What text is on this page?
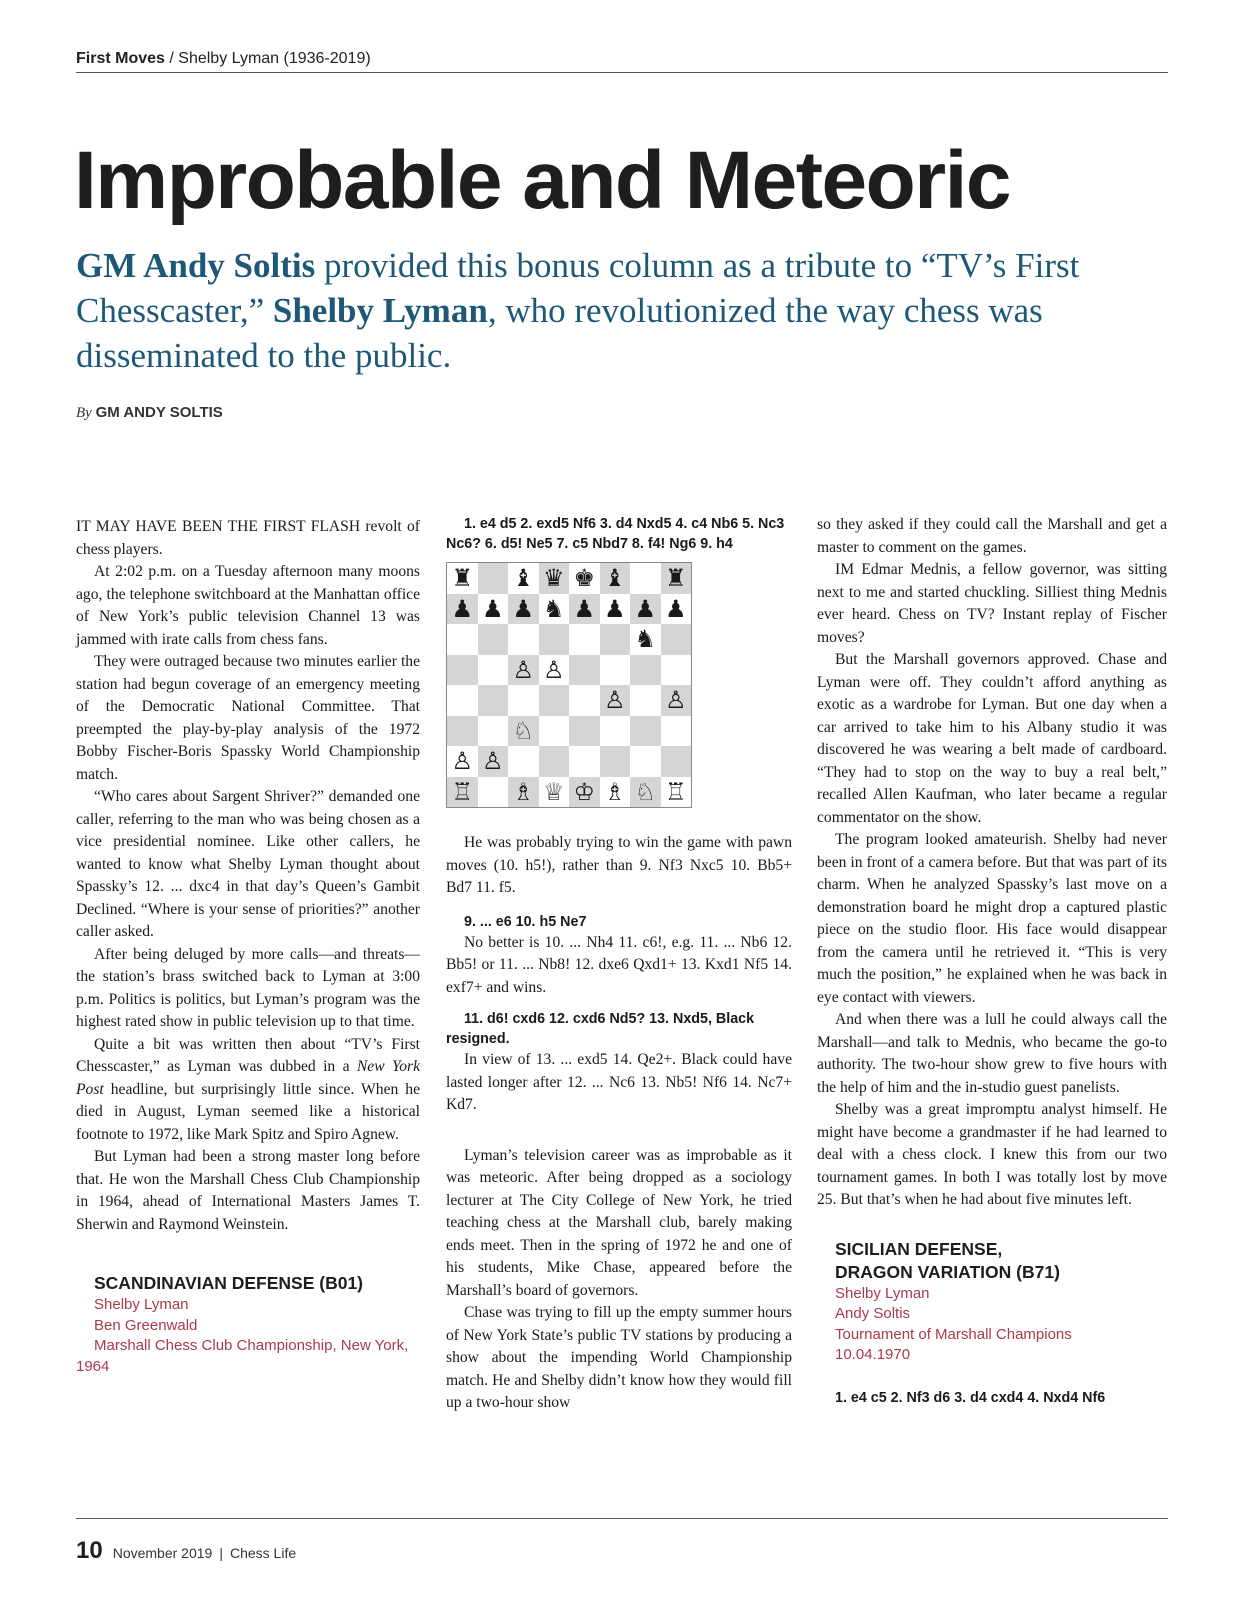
First Moves / Shelby Lyman (1936-2019)
Improbable and Meteoric

GM Andy Soltis provided this bonus column as a tribute to “TV’s First Chesscaster,” Shelby Lyman, who revolutionized the way chess was disseminated to the public.

By GM ANDY SOLTIS

IT MAY HAVE BEEN THE FIRST FLASH revolt of chess players.

At 2:02 p.m. on a Tuesday afternoon many moons ago, the telephone switchboard at the Manhattan office of New York’s public television Channel 13 was jammed with irate calls from chess fans.

They were outraged because two minutes earlier the station had begun coverage of an emergency meeting of the Democratic National Committee. That preempted the play-by-play analysis of the 1972 Bobby Fischer-Boris Spassky World Championship match.

“Who cares about Sargent Shriver?” demanded one caller, referring to the man who was being chosen as a vice presidential nominee. Like other callers, he wanted to know what Shelby Lyman thought about Spassky’s 12. ... dxc4 in that day’s Queen’s Gambit Declined. “Where is your sense of priorities?” another caller asked.

After being deluged by more calls—and threats—the station’s brass switched back to Lyman at 3:00 p.m. Politics is politics, but Lyman’s program was the highest rated show in public television up to that time.

Quite a bit was written then about “TV’s First Chesscaster,” as Lyman was dubbed in a New York Post headline, but surprisingly little since. When he died in August, Lyman seemed like a historical footnote to 1972, like Mark Spitz and Spiro Agnew.

But Lyman had been a strong master long before that. He won the Marshall Chess Club Championship in 1964, ahead of International Masters James T. Sherwin and Raymond Weinstein.

SCANDINAVIAN DEFENSE (B01)

Shelby Lyman

Ben Greenwald

Marshall Chess Club Championship, New York, 1964

1. e4 d5 2. exd5 Nf6 3. d4 Nxd5 4. c4 Nb6 5. Nc3 Nc6? 6. d5! Ne5 7. c5 Nbd7 8. f4! Ng6 9. h4

♜ ♝ ♛ ♚ ♝ ♜
♟ ♟ ♟ ♞ ♟ ♟ ♟ ♟
♞
♙ ♙
♙ ♙
♘
♙ ♙
♖ ♗ ♕ ♔ ♗ ♘ ♖

He was probably trying to win the game with pawn moves (10. h5!), rather than 9. Nf3 Nxc5 10. Bb5+ Bd7 11. f5.

9. ... e6 10. h5 Ne7

No better is 10. ... Nh4 11. c6!, e.g. 11. ... Nb6 12. Bb5! or 11. ... Nb8! 12. dxe6 Qxd1+ 13. Kxd1 Nf5 14. exf7+ and wins.

11. d6! cxd6 12. cxd6 Nd5? 13. Nxd5, Black resigned.

In view of 13. ... exd5 14. Qe2+. Black could have lasted longer after 12. ... Nc6 13. Nb5! Nf6 14. Nc7+ Kd7.

Lyman’s television career was as improbable as it was meteoric. After being dropped as a sociology lecturer at The City College of New York, he tried teaching chess at the Marshall club, barely making ends meet. Then in the spring of 1972 he and one of his students, Mike Chase, appeared before the Marshall’s board of governors.

Chase was trying to fill up the empty summer hours of New York State’s public TV stations by producing a show about the impending World Championship match. He and Shelby didn’t know how they would fill up a two-hour show

so they asked if they could call the Marshall and get a master to comment on the games.

IM Edmar Mednis, a fellow governor, was sitting next to me and started chuckling. Silliest thing Mednis ever heard. Chess on TV? Instant replay of Fischer moves?

But the Marshall governors approved. Chase and Lyman were off. They couldn’t afford anything as exotic as a wardrobe for Lyman. But one day when a car arrived to take him to his Albany studio it was discovered he was wearing a belt made of cardboard. “They had to stop on the way to buy a real belt,” recalled Allen Kaufman, who later became a regular commentator on the show.

The program looked amateurish. Shelby had never been in front of a camera before. But that was part of its charm. When he analyzed Spassky’s last move on a demonstration board he might drop a captured plastic piece on the studio floor. His face would disappear from the camera until he retrieved it. “This is very much the position,” he explained when he was back in eye contact with viewers.

And when there was a lull he could always call the Marshall—and talk to Mednis, who became the go-to authority. The two-hour show grew to five hours with the help of him and the in-studio guest panelists.

Shelby was a great impromptu analyst himself. He might have become a grandmaster if he had learned to deal with a chess clock. I knew this from our two tournament games. In both I was totally lost by move 25. But that’s when he had about five minutes left.

SICILIAN DEFENSE,

DRAGON VARIATION (B71)

Shelby Lyman

Andy Soltis

Tournament of Marshall Champions

10.04.1970

1. e4 c5 2. Nf3 d6 3. d4 cxd4 4. Nxd4 Nf6

10 November 2019 | Chess Life
